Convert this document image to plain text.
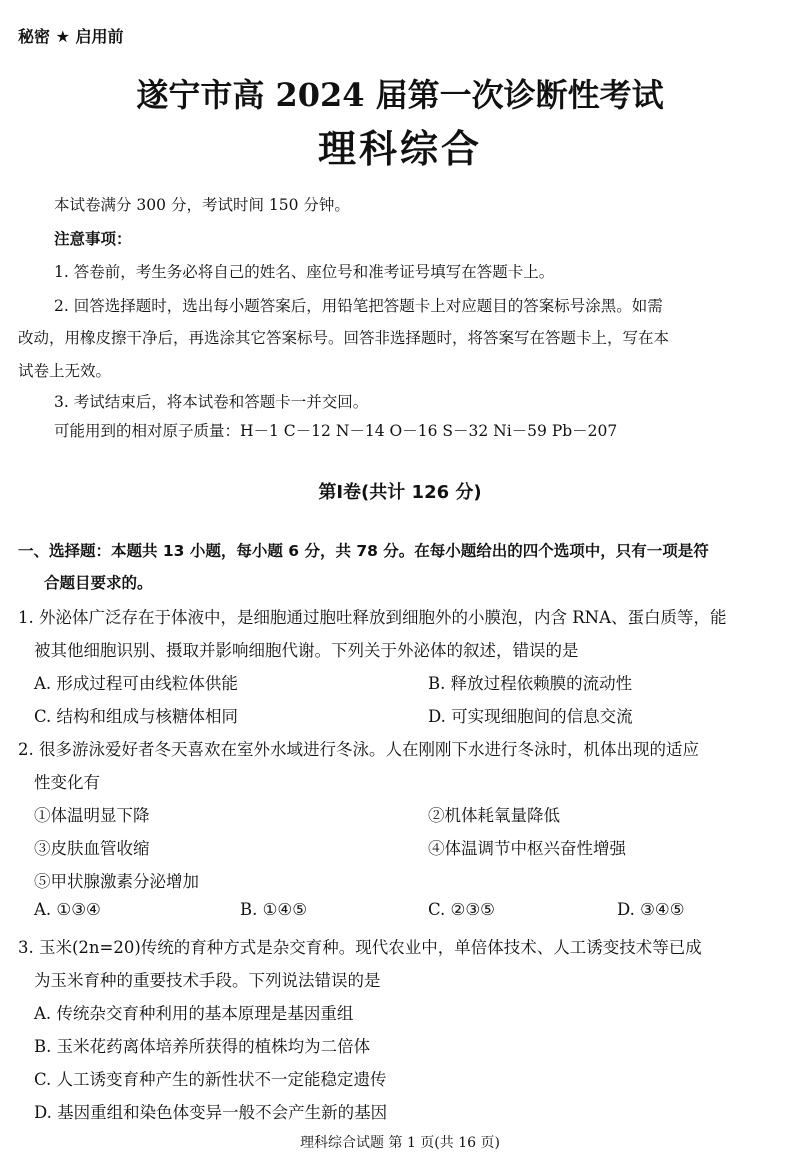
秘密 ★ 启用前
遂宁市高 2024 届第一次诊断性考试
理科综合
本试卷满分 300 分，考试时间 150 分钟。
注意事项：
1. 答卷前，考生务必将自己的姓名、座位号和准考证号填写在答题卡上。
2. 回答选择题时，选出每小题答案后，用铅笔把答题卡上对应题目的答案标号涂黑。如需
改动，用橡皮擦干净后，再选涂其它答案标号。回答非选择题时，将答案写在答题卡上，写在本
试卷上无效。
3. 考试结束后，将本试卷和答题卡一并交回。
可能用到的相对原子质量：H－1 C－12 N－14 O－16 S－32 Ni－59 Pb－207
第Ⅰ卷(共计 126 分)
一、选择题：本题共 13 小题，每小题 6 分，共 78 分。在每小题给出的四个选项中，只有一项是符
合题目要求的。
1. 外泌体广泛存在于体液中，是细胞通过胞吐释放到细胞外的小膜泡，内含 RNA、蛋白质等，能
被其他细胞识别、摄取并影响细胞代谢。下列关于外泌体的叙述，错误的是
A. 形成过程可由线粒体供能	B. 释放过程依赖膜的流动性
C. 结构和组成与核糖体相同	D. 可实现细胞间的信息交流
2. 很多游泳爱好者冬天喜欢在室外水域进行冬泳。人在刚刚下水进行冬泳时，机体出现的适应
性变化有
①体温明显下降	②机体耗氧量降低
③皮肤血管收缩	④体温调节中枢兴奋性增强
⑤甲状腺激素分泌增加
A. ①③④	B. ①④⑤	C. ②③⑤	D. ③④⑤
3. 玉米(2n=20)传统的育种方式是杂交育种。现代农业中，单倍体技术、人工诱变技术等已成
为玉米育种的重要技术手段。下列说法错误的是
A. 传统杂交育种利用的基本原理是基因重组
B. 玉米花药离体培养所获得的植株均为二倍体
C. 人工诱变育种产生的新性状不一定能稳定遗传
D. 基因重组和染色体变异一般不会产生新的基因
理科综合试题 第 1 页(共 16 页)
